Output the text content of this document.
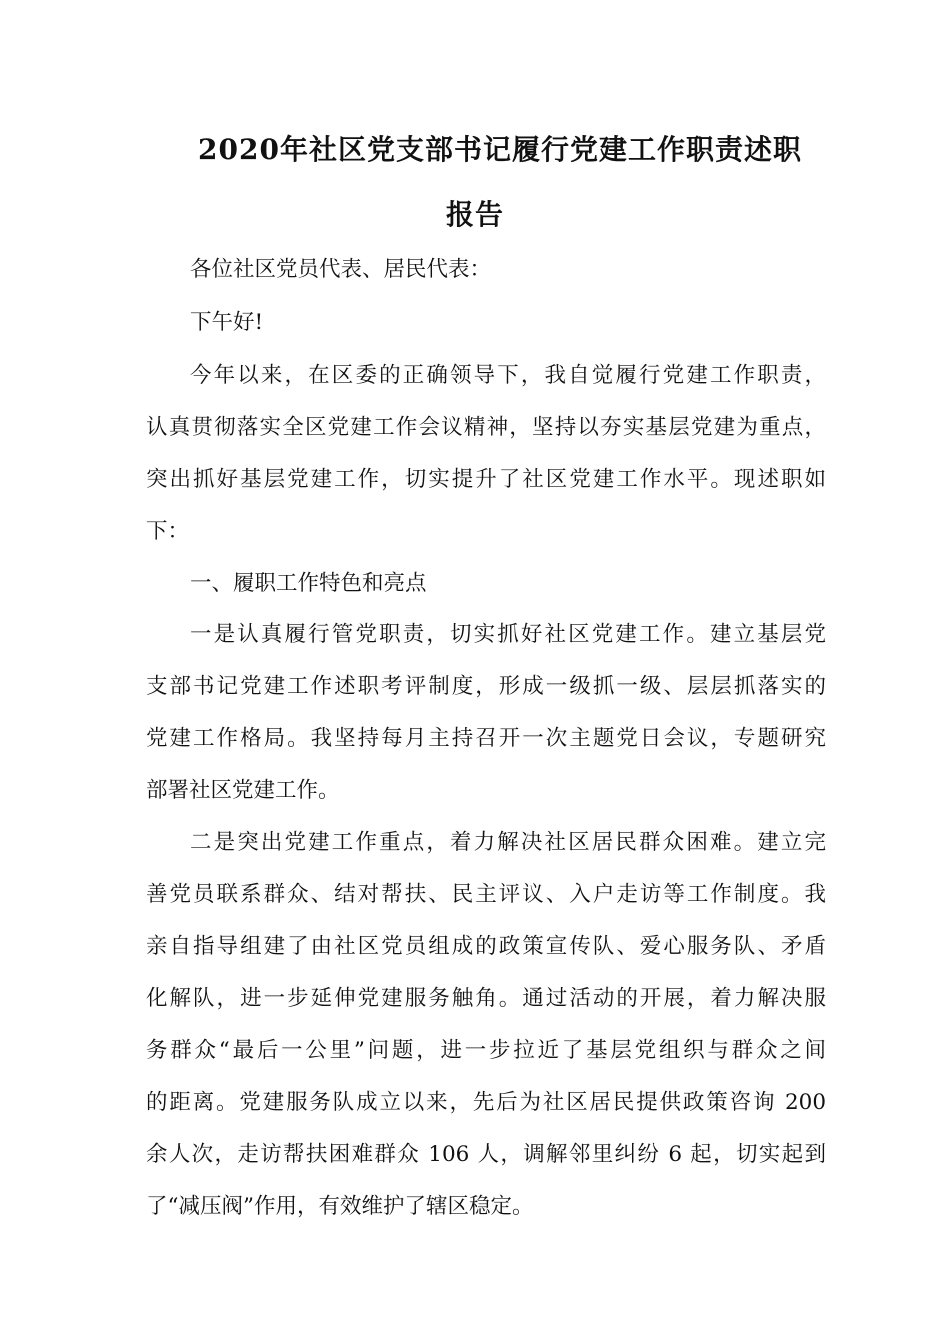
2020年社区党支部书记履行党建工作职责述职
报告
各位社区党员代表、居民代表：
下午好!
今年以来，在区委的正确领导下，我自觉履行党建工作职责，
认真贯彻落实全区党建工作会议精神，坚持以夯实基层党建为重点，
突出抓好基层党建工作，切实提升了社区党建工作水平。现述职如
下：
一、履职工作特色和亮点
一是认真履行管党职责，切实抓好社区党建工作。建立基层党
支部书记党建工作述职考评制度，形成一级抓一级、层层抓落实的
党建工作格局。我坚持每月主持召开一次主题党日会议，专题研究
部署社区党建工作。
二是突出党建工作重点，着力解决社区居民群众困难。建立完
善党员联系群众、结对帮扶、民主评议、入户走访等工作制度。我
亲自指导组建了由社区党员组成的政策宣传队、爱心服务队、矛盾
化解队，进一步延伸党建服务触角。通过活动的开展，着力解决服
务群众“最后一公里”问题，进一步拉近了基层党组织与群众之间
的距离。党建服务队成立以来，先后为社区居民提供政策咨询 200
余人次，走访帮扶困难群众 106 人，调解邻里纠纷 6 起，切实起到
了“减压阀”作用，有效维护了辖区稳定。
